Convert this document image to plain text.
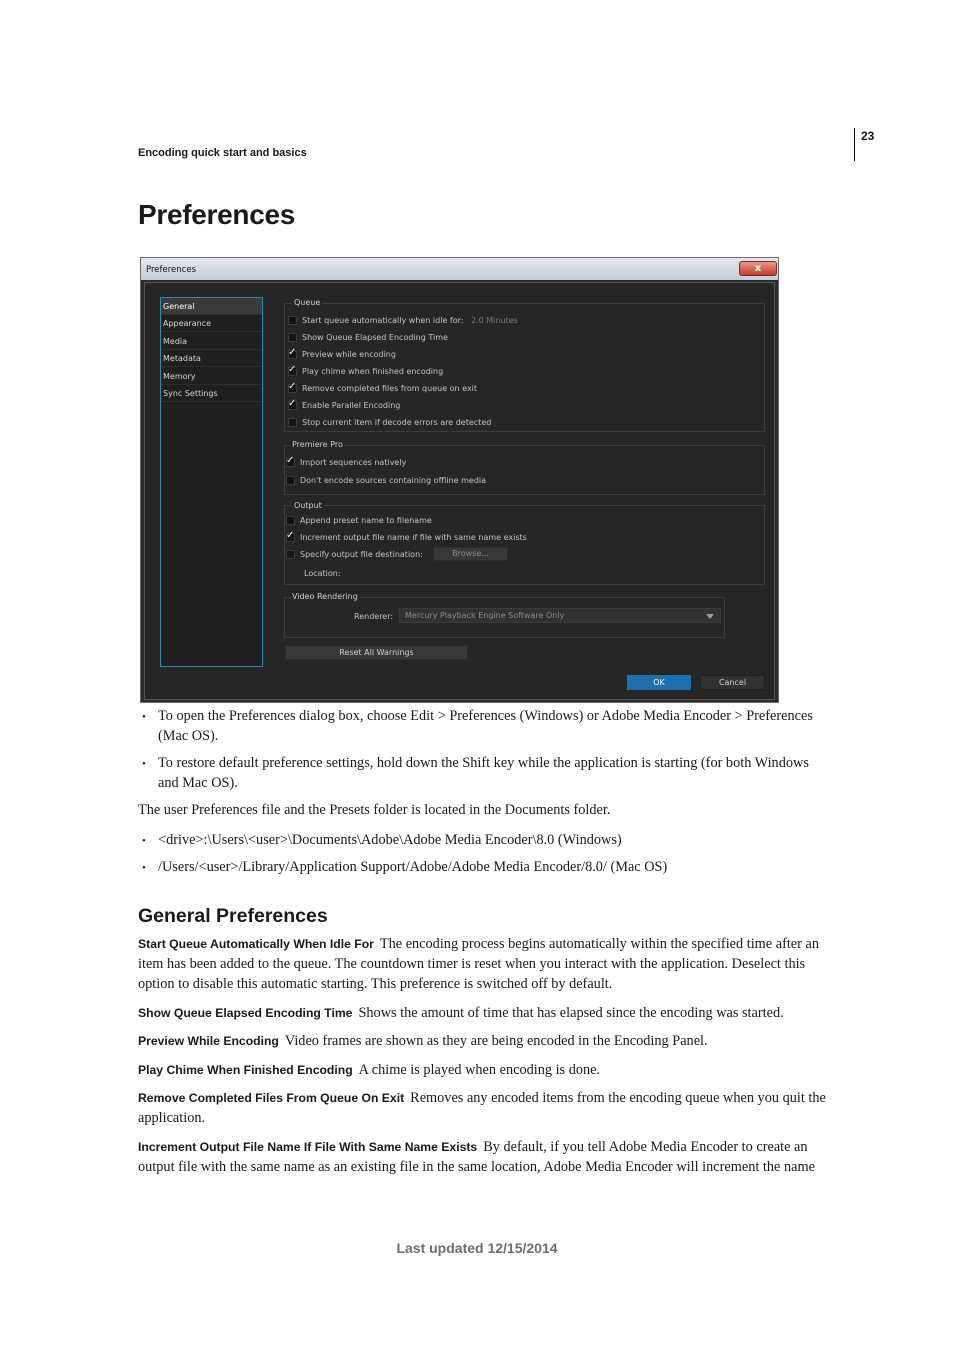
23
Encoding quick start and basics
Preferences
Preferences	x
General
Appearance
Media
Metadata
Memory
Sync Settings
Queue
Start queue automatically when idle for: 2.0 Minutes
Show Queue Elapsed Encoding Time
✓Preview while encoding
✓Play chime when finished encoding
✓Remove completed files from queue on exit
✓Enable Parallel Encoding
Stop current item if decode errors are detected
Premiere Pro
✓Import sequences natively
Don't encode sources containing offline media
Output
Append preset name to filename
✓Increment output file name if file with same name exists
Specify output file destination:	Browse...
Location:
Video Rendering
Renderer:	Mercury Playback Engine Software Only
Reset All Warnings
OK	Cancel
• To open the Preferences dialog box, choose Edit > Preferences (Windows) or Adobe Media Encoder > Preferences
(Mac OS).
• To restore default preference settings, hold down the Shift key while the application is starting (for both Windows
and Mac OS).
The user Preferences file and the Presets folder is located in the Documents folder.
• <drive>:\Users\<user>\Documents\Adobe\Adobe Media Encoder\8.0 (Windows)
• /Users/<user>/Library/Application Support/Adobe/Adobe Media Encoder/8.0/ (Mac OS)
General Preferences
Start Queue Automatically When Idle For The encoding process begins automatically within the specified time after an
item has been added to the queue. The countdown timer is reset when you interact with the application. Deselect this
option to disable this automatic starting. This preference is switched off by default.
Show Queue Elapsed Encoding Time Shows the amount of time that has elapsed since the encoding was started.
Preview While Encoding Video frames are shown as they are being encoded in the Encoding Panel.
Play Chime When Finished Encoding A chime is played when encoding is done.
Remove Completed Files From Queue On Exit Removes any encoded items from the encoding queue when you quit the
application.
Increment Output File Name If File With Same Name Exists By default, if you tell Adobe Media Encoder to create an
output file with the same name as an existing file in the same location, Adobe Media Encoder will increment the name
Last updated 12/15/2014
